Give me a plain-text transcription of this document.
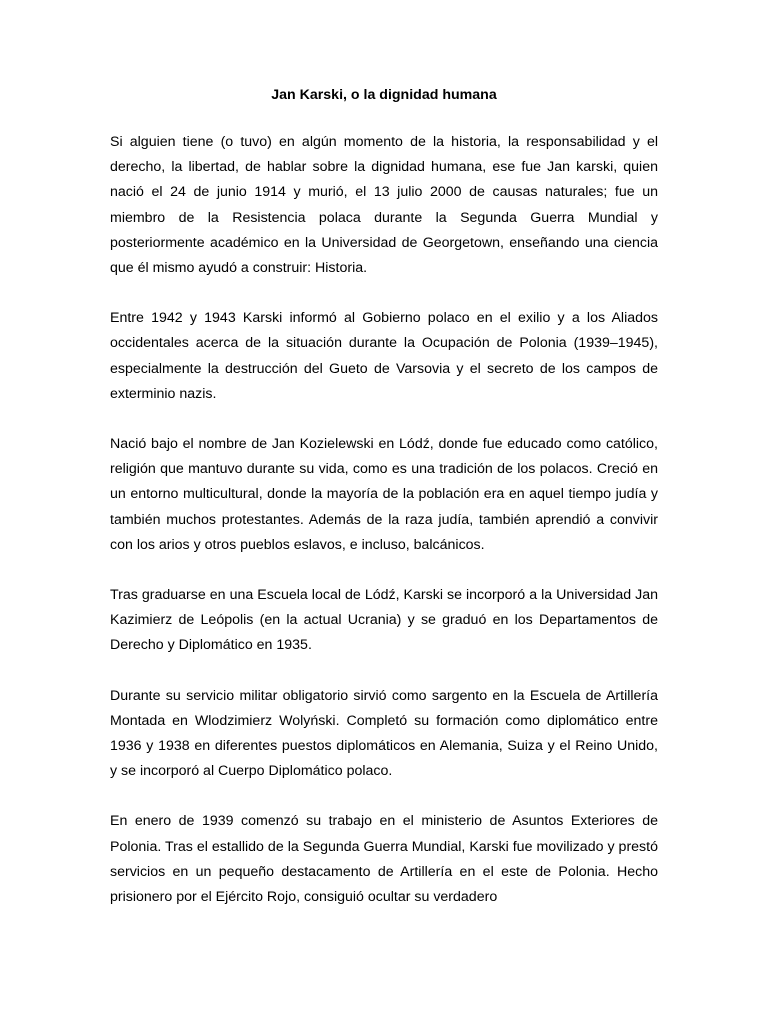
Jan Karski, o la dignidad humana

Si alguien tiene (o tuvo) en algún momento de la historia, la responsabilidad y el derecho, la libertad, de hablar sobre la dignidad humana, ese fue Jan karski, quien nació el 24 de junio 1914 y murió, el 13 julio 2000 de causas naturales; fue un miembro de la Resistencia polaca durante la Segunda Guerra Mundial y posteriormente académico en la Universidad de Georgetown, enseñando una ciencia que él mismo ayudó a construir: Historia.

Entre 1942 y 1943 Karski informó al Gobierno polaco en el exilio y a los Aliados occidentales acerca de la situación durante la Ocupación de Polonia (1939–1945), especialmente la destrucción del Gueto de Varsovia y el secreto de los campos de exterminio nazis.

Nació bajo el nombre de Jan Kozielewski en Lódź, donde fue educado como católico, religión que mantuvo durante su vida, como es una tradición de los polacos. Creció en un entorno multicultural, donde la mayoría de la población era en aquel tiempo judía y también muchos protestantes. Además de la raza judía, también aprendió a convivir con los arios y otros pueblos eslavos, e incluso, balcánicos.

Tras graduarse en una Escuela local de Lódź, Karski se incorporó a la Universidad Jan Kazimierz de Leópolis (en la actual Ucrania) y se graduó en los Departamentos de Derecho y Diplomático en 1935.

Durante su servicio militar obligatorio sirvió como sargento en la Escuela de Artillería Montada en Wlodzimierz Wolyński. Completó su formación como diplomático entre 1936 y 1938 en diferentes puestos diplomáticos en Alemania, Suiza y el Reino Unido, y se incorporó al Cuerpo Diplomático polaco.

En enero de 1939 comenzó su trabajo en el ministerio de Asuntos Exteriores de Polonia. Tras el estallido de la Segunda Guerra Mundial, Karski fue movilizado y prestó servicios en un pequeño destacamento de Artillería en el este de Polonia. Hecho prisionero por el Ejército Rojo, consiguió ocultar su verdadero
